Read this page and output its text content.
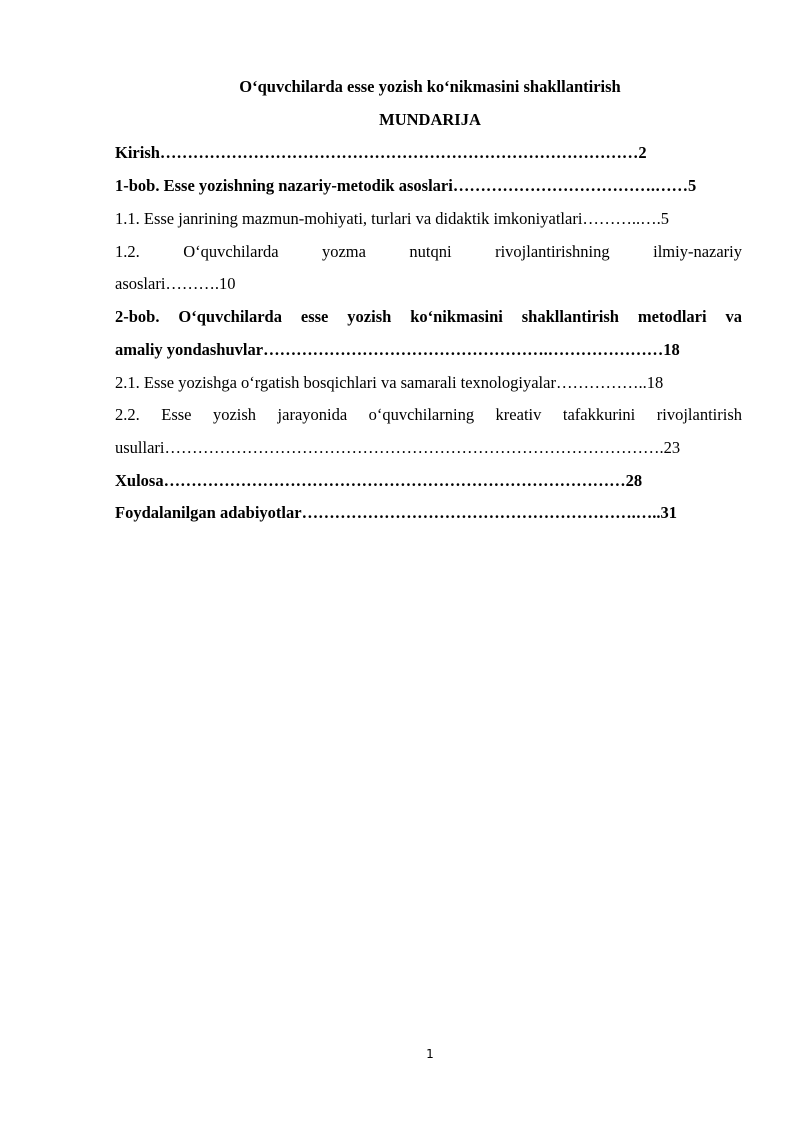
O‘quvchilarda esse yozish ko‘nikmasini shakllantirish
MUNDARIJA
Kirish……………………………………………………………………………2
1-bob. Esse yozishning nazariy-metodik asoslari……………………………….……5
1.1. Esse janrining mazmun-mohiyati, turlari va didaktik imkoniyatlari………..….5
1.2. O‘quvchilarda yozma nutqni rivojlantirishning ilmiy-nazariy
asoslari……….10
2-bob. O‘quvchilarda esse yozish ko‘nikmasini shakllantirish metodlari va
amaliy yondashuvlar…………………………………………….…………………18
2.1. Esse yozishga o‘rgatish bosqichlari va samarali texnologiyalar……………..18
2.2. Esse yozish jarayonida o‘quvchilarning kreativ tafakkurini rivojlantirish
usullari……………………………………………………………………………….23
Xulosa…………………………………………………………………………28
Foydalanilgan adabiyotlar…………………………………………………….…..31
1
